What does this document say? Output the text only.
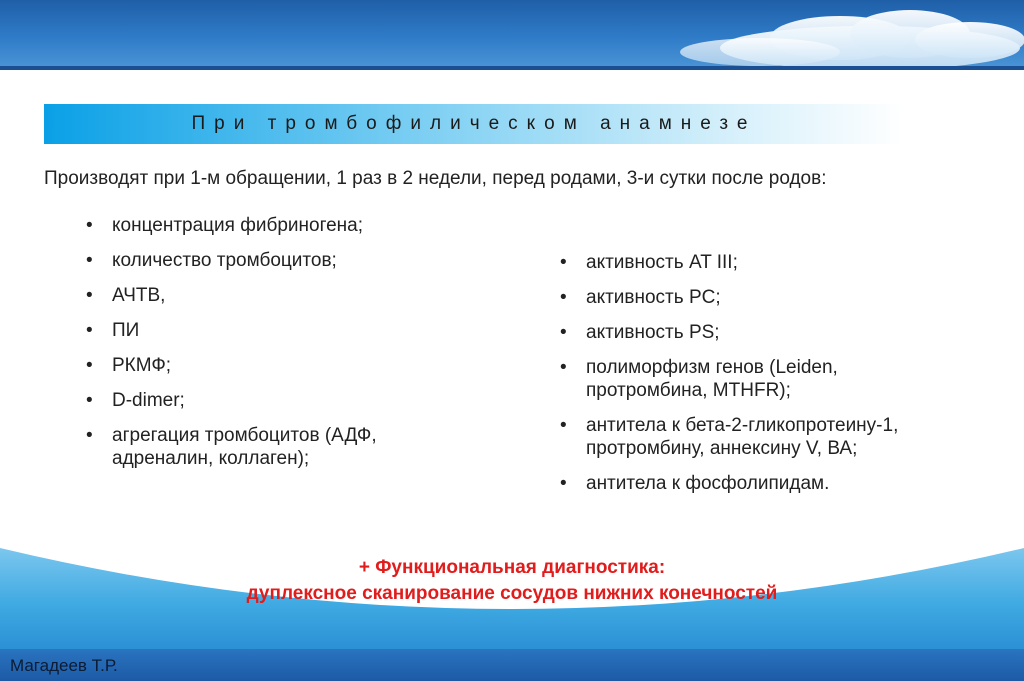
При тромбофилическом анамнезе
Производят при 1-м обращении, 1 раз в 2 недели, перед родами, 3-и сутки после родов:
• концентрация фибриногена;
• количество тромбоцитов;
• АЧТВ,
• ПИ
• РКМФ;
• D-dimer;
• агрегация тромбоцитов (АДФ, адреналин, коллаген);
• активность AT III;
• активность PC;
• активность PS;
• полиморфизм генов (Leiden, протромбина, MTHFR);
• антитела к бета-2-гликопротеину-1, протромбину, аннексину V, ВА;
• антитела к фосфолипидам.
+ Функциональная диагностика:
дуплексное сканирование сосудов нижних конечностей
Магадеев Т.Р.
